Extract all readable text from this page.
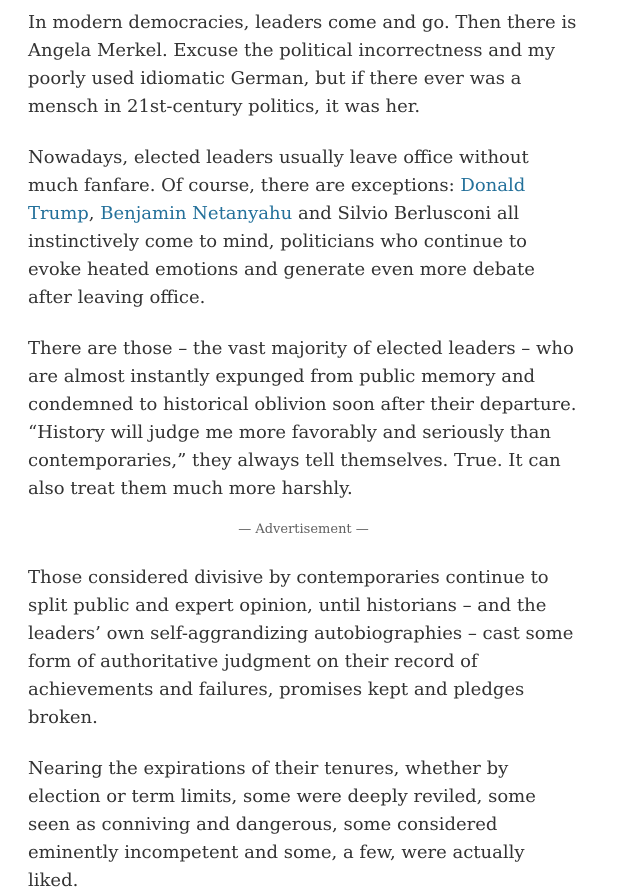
In modern democracies, leaders come and go. Then there is Angela Merkel. Excuse the political incorrectness and my poorly used idiomatic German, but if there ever was a mensch in 21st-century politics, it was her.

Nowadays, elected leaders usually leave office without much fanfare. Of course, there are exceptions: Donald Trump, Benjamin Netanyahu and Silvio Berlusconi all instinctively come to mind, politicians who continue to evoke heated emotions and generate even more debate after leaving office.

There are those – the vast majority of elected leaders – who are almost instantly expunged from public memory and condemned to historical oblivion soon after their departure. “History will judge me more favorably and seriously than contemporaries,” they always tell themselves. True. It can also treat them much more harshly.

— Advertisement —

Those considered divisive by contemporaries continue to split public and expert opinion, until historians – and the leaders’ own self-aggrandizing autobiographies – cast some form of authoritative judgment on their record of achievements and failures, promises kept and pledges broken.

Nearing the expirations of their tenures, whether by election or term limits, some were deeply reviled, some seen as conniving and dangerous, some considered eminently incompetent and some, a few, were actually liked.
